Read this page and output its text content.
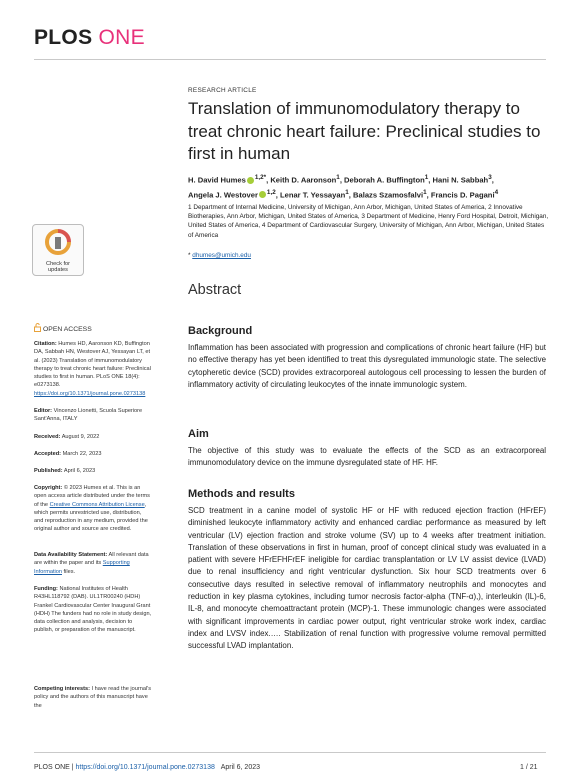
PLOS ONE
RESEARCH ARTICLE
Translation of immunomodulatory therapy to treat chronic heart failure: Preclinical studies to first in human
H. David Humes $^{1,2*}$, Keith D. Aaronson$^1$, Deborah A. Buffington$^1$, Hani N. Sabbah$^3$,
Angela J. Westover $^{1,2}$, Lenar T. Yessayan$^1$, Balazs Szamosfalvi$^1$, Francis D. Pagani$^4$
1 Department of Internal Medicine, University of Michigan, Ann Arbor, Michigan, United States of America, 2 Innovative Biotherapies, Ann Arbor, Michigan, United States of America, 3 Department of Medicine, Henry Ford Hospital, Detroit, Michigan, United States of America, 4 Department of Cardiovascular Surgery, University of Michigan, Ann Arbor, Michigan, United States of America
* dhumes@umich.edu
Abstract
Background
Inflammation has been associated with progression and complications of chronic heart failure (HF) but no effective therapy has yet been identified to treat this dysregulated immunologic state. The selective cytopheretic device (SCD) provides extracorporeal autologous cell processing to lessen the burden of inflammatory activity of circulating leukocytes of the innate immunologic system.
Aim
The objective of this study was to evaluate the effects of the SCD as an extracorporeal immunomodulatory device on the immune dysregulated state of HF. HF.
Methods and results
SCD treatment in a canine model of systolic HF or HF with reduced ejection fraction (HFrEF) diminished leukocyte inflammatory activity and enhanced cardiac performance as measured by left ventricular (LV) ejection fraction and stroke volume (SV) up to 4 weeks after treatment initiation. Translation of these observations in first in human, proof of concept clinical study was evaluated in a patient with severe HFrEFHFrEF ineligible for cardiac transplantation or LV LV assist device (LVAD) due to renal insufficiency and right ventricular dysfunction. Six hour SCD treatments over 6 consecutive days resulted in selective removal of inflammatory neutrophils and monocytes and reduction in key plasma cytokines, including tumor necrosis factor-alpha (TNF-α),), interleukin (IL)-6, IL-8, and monocyte chemoattractant protein (MCP)-1. These immunologic changes were associated with significant improvements in cardiac power output, right ventricular stroke work index, cardiac index and LVSV index.…. Stabilization of renal function with progressive volume removal permitted successful LVAD implantation.
Check for
updates
OPEN ACCESS
Citation: Humes HD, Aaronson KD, Buffington DA, Sabbah HN, Westover AJ, Yessayan LT, et al. (2023) Translation of immunomodulatory therapy to treat chronic heart failure: Preclinical studies to first in human. PLoS ONE 18(4): e0273138. https://doi.org/10.1371/journal.pone.0273138
Editor: Vincenzo Lionetti, Scuola Superiore Sant'Anna, ITALY
Received: August 9, 2022
Accepted: March 22, 2023
Published: April 6, 2023
Copyright: © 2023 Humes et al. This is an open access article distributed under the terms of the Creative Commons Attribution License, which permits unrestricted use, distribution, and reproduction in any medium, provided the original author and source are credited.
Data Availability Statement: All relevant data are within the paper and its Supporting Information files.
Funding: National Institutes of Health R43HL118792 (DAB). UL1TR00240 (HDH) Frankel Cardiovascular Center Inaugural Grant (HDH) The funders had no role in study design, data collection and analysis, decision to publish, or preparation of the manuscript.
Competing interests: I have read the journal's policy and the authors of this manuscript have the
PLOS ONE | https://doi.org/10.1371/journal.pone.0273138 April 6, 2023	1 / 21
